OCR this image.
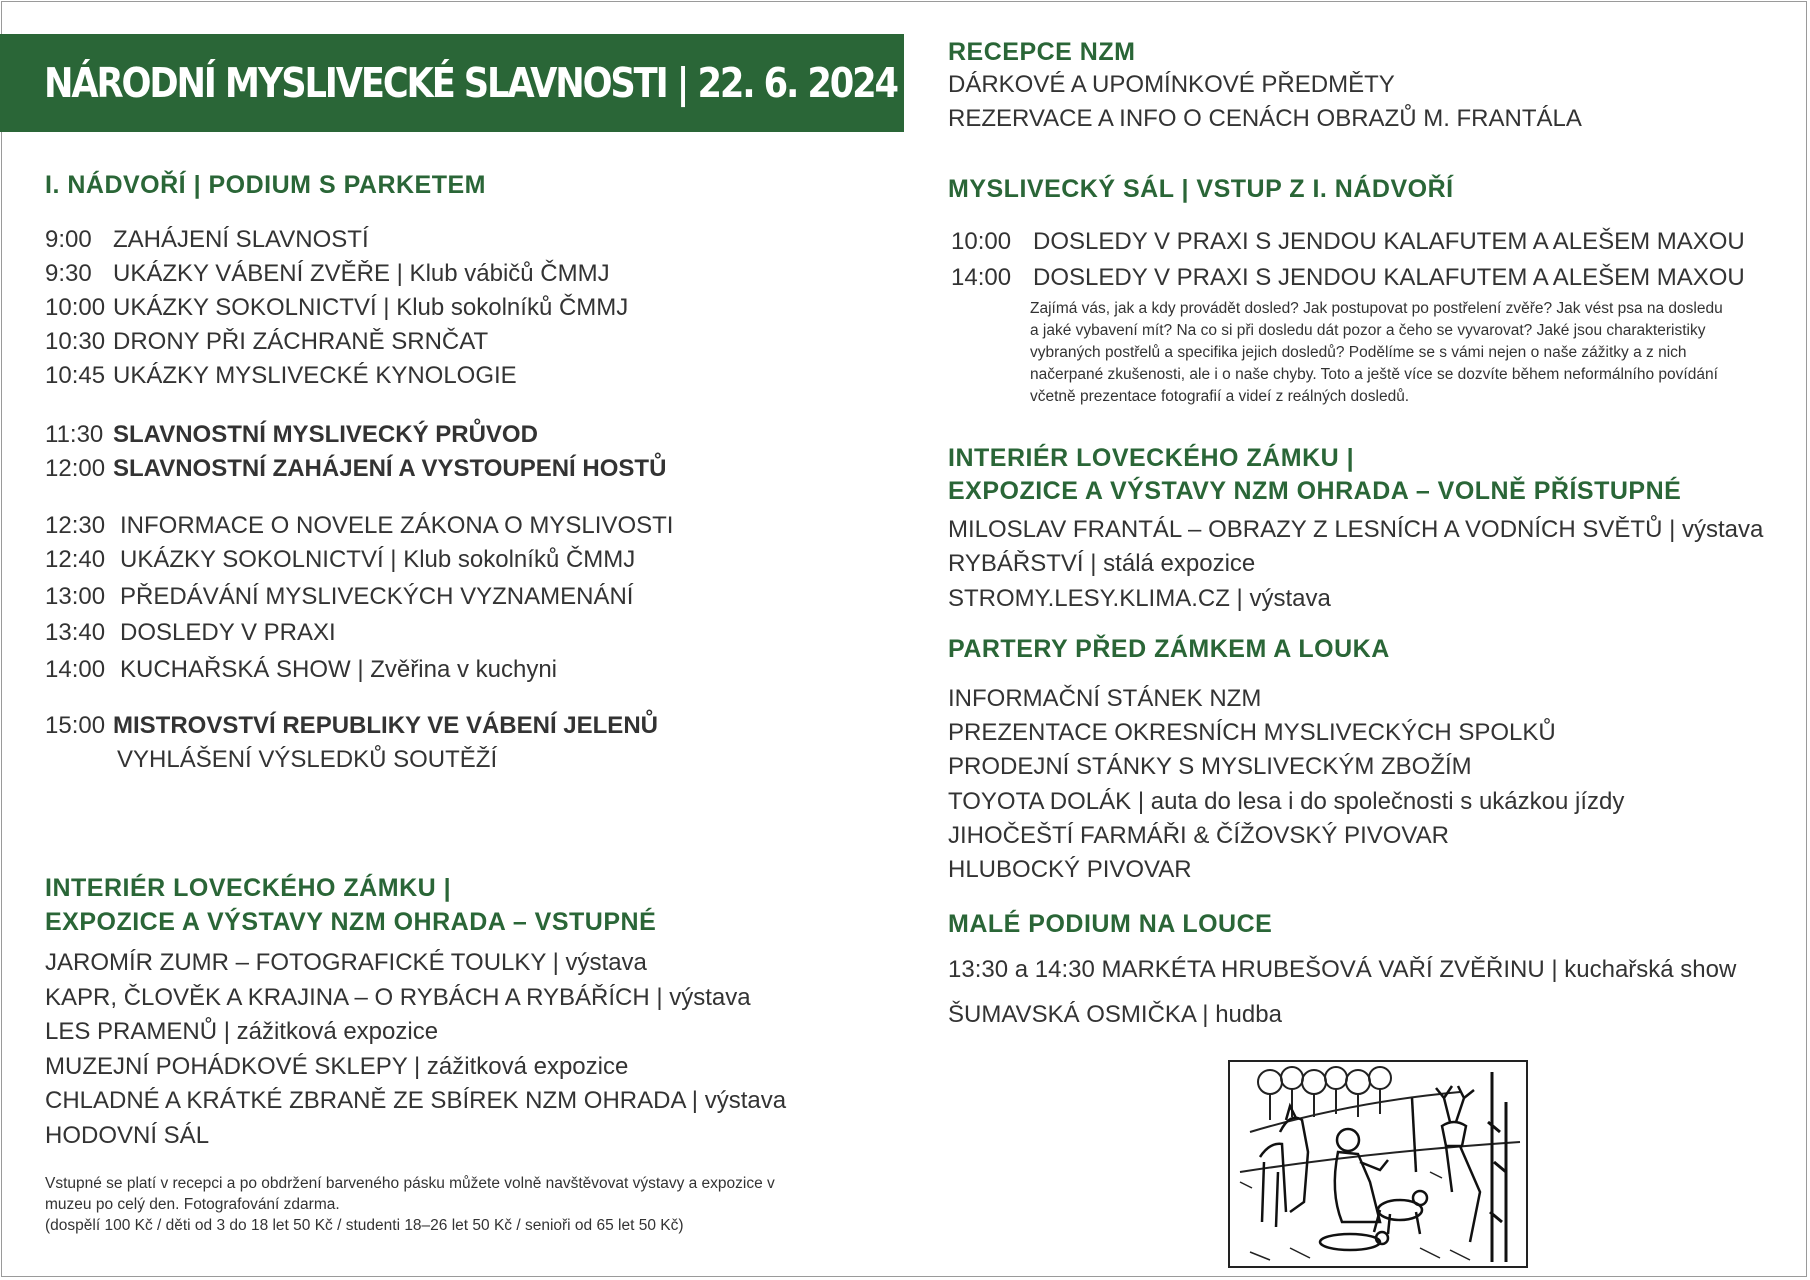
NÁRODNÍ MYSLIVECKÉ SLAVNOSTI | 22. 6. 2024
I. NÁDVOŘÍ | PODIUM S PARKETEM
9:00 ZAHÁJENÍ SLAVNOSTÍ
9:30 UKÁZKY VÁBENÍ ZVĚŘE | Klub vábičů ČMMJ
10:00 UKÁZKY SOKOLNICTVÍ | Klub sokolníků ČMMJ
10:30 DRONY PŘI ZÁCHRANĚ SRNČAT
10:45 UKÁZKY MYSLIVECKÉ KYNOLOGIE
11:30 SLAVNOSTNÍ MYSLIVECKÝ PRŮVOD
12:00 SLAVNOSTNÍ ZAHÁJENÍ A VYSTOUPENÍ HOSTŮ
12:30 INFORMACE O NOVELE ZÁKONA O MYSLIVOSTI
12:40 UKÁZKY SOKOLNICTVÍ | Klub sokolníků ČMMJ
13:00 PŘEDÁVÁNÍ MYSLIVECKÝCH VYZNAMENÁNÍ
13:40 DOSLEDY V PRAXI
14:00 KUCHAŘSKÁ SHOW | Zvěřina v kuchyni
15:00 MISTROVSTVÍ REPUBLIKY VE VÁBENÍ JELENŮ
VYHLÁŠENÍ VÝSLEDKŮ SOUTĚŽÍ
INTERIÉR LOVECKÉHO ZÁMKU |
EXPOZICE A VÝSTAVY NZM OHRADA – VSTUPNÉ
JAROMÍR ZUMR – FOTOGRAFICKÉ TOULKY | výstava
KAPR, ČLOVĚK A KRAJINA – O RYBÁCH A RYBÁŘÍCH | výstava
LES PRAMENŮ | zážitková expozice
MUZEJNÍ POHÁDKOVÉ SKLEPY | zážitková expozice
CHLADNÉ A KRÁTKÉ ZBRANĚ ZE SBÍREK NZM OHRADA | výstava
HODOVNÍ SÁL
Vstupné se platí v recepci a po obdržení barveného pásku můžete volně navštěvovat výstavy a expozice v
muzeu po celý den. Fotografování zdarma.
(dospělí 100 Kč / děti od 3 do 18 let 50 Kč / studenti 18–26 let 50 Kč / senioři od 65 let 50 Kč)
RECEPCE NZM
DÁRKOVÉ A UPOMÍNKOVÉ PŘEDMĚTY
REZERVACE A INFO O CENÁCH OBRAZŮ M. FRANTÁLA
MYSLIVECKÝ SÁL | VSTUP Z I. NÁDVOŘÍ
10:00 DOSLEDY V PRAXI S JENDOU KALAFUTEM A ALEŠEM MAXOU
14:00 DOSLEDY V PRAXI S JENDOU KALAFUTEM A ALEŠEM MAXOU
Zajímá vás, jak a kdy provádět dosled? Jak postupovat po postřelení zvěře? Jak vést psa na dosledu
a jaké vybavení mít? Na co si při dosledu dát pozor a čeho se vyvarovat? Jaké jsou charakteristiky
vybraných postřelů a specifika jejich dosledů? Podělíme se s vámi nejen o naše zážitky a z nich
načerpané zkušenosti, ale i o naše chyby. Toto a ještě více se dozvíte během neformálního povídání
včetně prezentace fotografií a videí z reálných dosledů.
INTERIÉR LOVECKÉHO ZÁMKU |
EXPOZICE A VÝSTAVY NZM OHRADA – VOLNĚ PŘÍSTUPNÉ
MILOSLAV FRANTÁL – OBRAZY Z LESNÍCH A VODNÍCH SVĚTŮ | výstava
RYBÁŘSTVÍ | stálá expozice
STROMY.LESY.KLIMA.CZ | výstava
PARTERY PŘED ZÁMKEM A LOUKA
INFORMAČNÍ STÁNEK NZM
PREZENTACE OKRESNÍCH MYSLIVECKÝCH SPOLKŮ
PRODEJNÍ STÁNKY S MYSLIVECKÝM ZBOŽÍM
TOYOTA DOLÁK | auta do lesa i do společnosti s ukázkou jízdy
JIHOČEŠTÍ FARMÁŘI & ČÍŽOVSKÝ PIVOVAR
HLUBOCKÝ PIVOVAR
MALÉ PODIUM NA LOUCE
13:30 a 14:30 MARKÉTA HRUBEŠOVÁ VAŘÍ ZVĚŘINU | kuchařská show
ŠUMAVSKÁ OSMIČKA | hudba
